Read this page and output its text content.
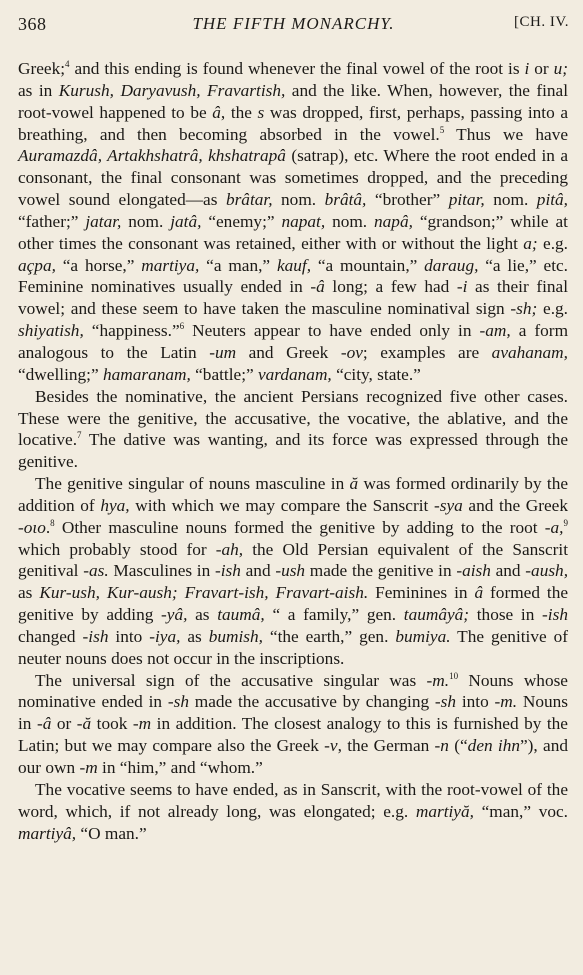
368	THE FIFTH MONARCHY.	[CH. IV.

Greek;$^4$ and this ending is found whenever the final vowel of the root is i or u; as in Kurush, Daryavush, Fravartish, and the like. When, however, the final root-vowel happened to be â, the s was dropped, first, perhaps, passing into a breathing, and then becoming absorbed in the vowel.$^5$ Thus we have Auramazdâ, Artakhshatrâ, khshatrapâ (satrap), etc. Where the root ended in a consonant, the final consonant was sometimes dropped, and the preceding vowel sound elongated—as brâtar, nom. brâtâ, “brother” pitar, nom. pitâ, “father;” jatar, nom. jatâ, “enemy;” napat, nom. napâ, “grandson;” while at other times the consonant was retained, either with or without the light a; e.g. açpa, “a horse,” martiya, “a man,” kauf, “a mountain,” daraug, “a lie,” etc. Feminine nominatives usually ended in -â long; a few had -i as their final vowel; and these seem to have taken the masculine nominatival sign -sh; e.g. shiyatish, “happiness.”$^6$ Neuters appear to have ended only in -am, a form analogous to the Latin -um and Greek -ον; examples are avahanam, “dwelling;” hamaranam, “battle;” vardanam, “city, state.”

Besides the nominative, the ancient Persians recognized five other cases. These were the genitive, the accusative, the vocative, the ablative, and the locative.$^7$ The dative was wanting, and its force was expressed through the genitive.

The genitive singular of nouns masculine in ă was formed ordinarily by the addition of hya, with which we may compare the Sanscrit -sya and the Greek -οιο.$^8$ Other masculine nouns formed the genitive by adding to the root -a,$^9$ which probably stood for -ah, the Old Persian equivalent of the Sanscrit genitival -as. Masculines in -ish and -ush made the genitive in -aish and -aush, as Kur-ush, Kur-aush; Fravart-ish, Fravart-aish. Feminines in â formed the genitive by adding -yâ, as taumâ, “ a family,” gen. taumâyâ; those in -ish changed -ish into -iya, as bumish, “the earth,” gen. bumiya. The genitive of neuter nouns does not occur in the inscriptions.

The universal sign of the accusative singular was -m.$^{10}$ Nouns whose nominative ended in -sh made the accusative by changing -sh into -m. Nouns in -â or -ă took -m in addition. The closest analogy to this is furnished by the Latin; but we may compare also the Greek -ν, the German -n (“den ihn”), and our own -m in “him,” and “whom.”

The vocative seems to have ended, as in Sanscrit, with the root-vowel of the word, which, if not already long, was elongated; e.g. martiyă, “man,” voc. martiyâ, “O man.”
